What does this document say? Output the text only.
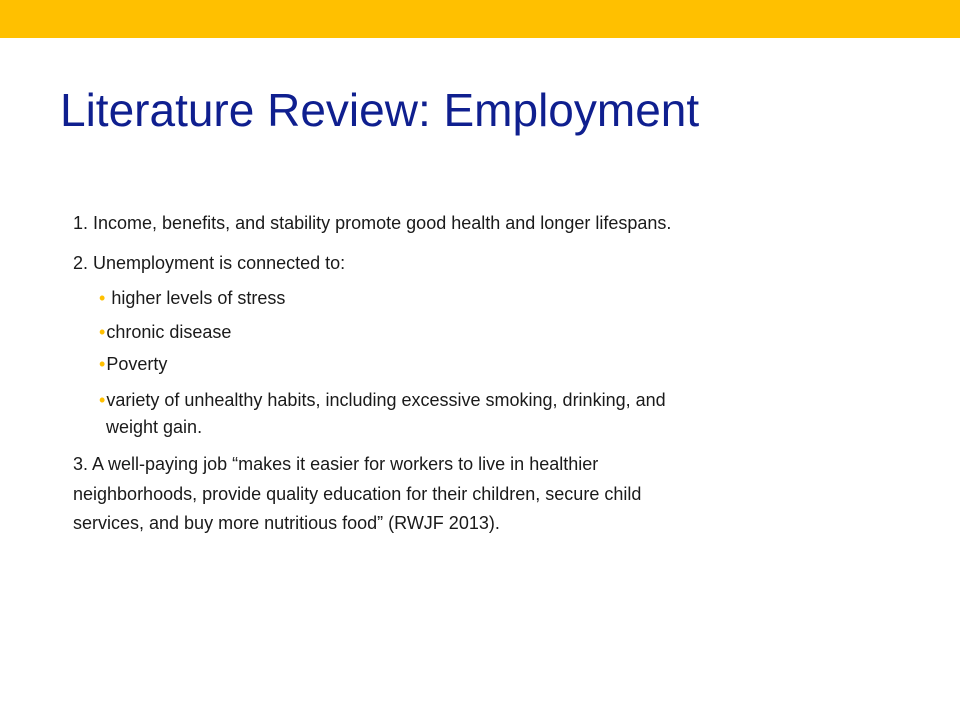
Literature Review: Employment
1. Income, benefits, and stability promote good health and longer lifespans.
2. Unemployment is connected to:
• higher levels of stress
•chronic disease
•Poverty
•variety of unhealthy habits, including excessive smoking, drinking, and
weight gain.
3. A well-paying job “makes it easier for workers to live in healthier
neighborhoods, provide quality education for their children, secure child
services, and buy more nutritious food” (RWJF 2013).
